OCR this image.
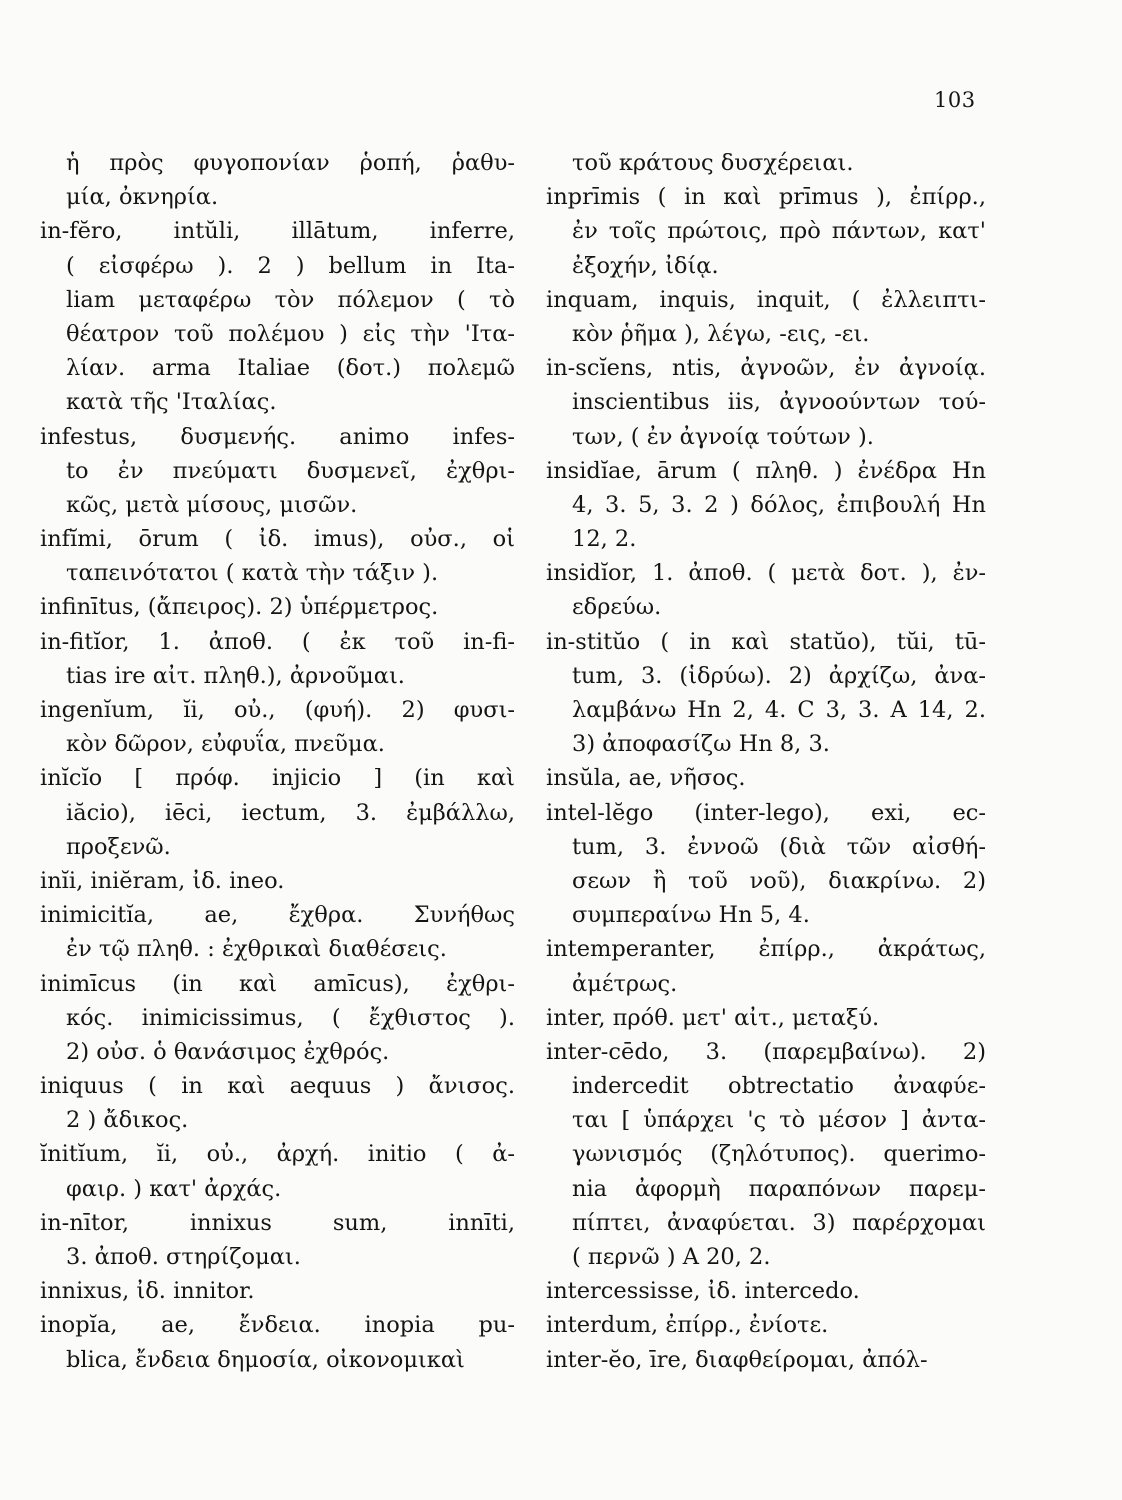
103
ἡ πρὸς φυγοπονίαν ῥοπή, ῥαθυ-
μία, ὀκνηρία.
in-fĕro, intŭli, illātum, inferre,
( εἰσφέρω ). 2 ) bellum in Ita-
liam μεταφέρω τὸν πόλεμον ( τὸ
θέατρον τοῦ πολέμου ) εἰς τὴν 'Ιτα-
λίαν. arma Italiae (δοτ.) πολεμῶ
κατὰ τῆς 'Ιταλίας.
infestus, δυσμενής. animo infes-
to ἐν πνεύματι δυσμενεῖ, ἐχθρι-
κῶς, μετὰ μίσους, μισῶν.
infĭmi, ōrum ( ἰδ. imus), οὐσ., οἱ
ταπεινότατοι ( κατὰ τὴν τάξιν ).
infinītus, (ἄπειρος). 2) ὑπέρμετρος.
in-fitĭor, 1. ἀποθ. ( ἐκ τοῦ in-fi-
tias ire αἰτ. πληθ.), ἀρνοῦμαι.
ingenĭum, ĭi, οὐ., (φυή). 2) φυσι-
κὸν δῶρον, εὐφυΐα, πνεῦμα.
inĭcĭo [ πρόφ. injicio ] (in καὶ
iăcio), iēci, iectum, 3. ἐμβάλλω,
προξενῶ.
inĭi, iniĕram, ἰδ. ineo.
inimicitĭa, ae, ἔχθρα. Συνήθως
ἐν τῷ πληθ. : ἐχθρικαὶ διαθέσεις.
inimīcus (in καὶ amīcus), ἐχθρι-
κός. inimicissimus, ( ἔχθιστος ).
2) οὐσ. ὁ θανάσιμος ἐχθρός.
iniquus ( in καὶ aequus ) ἄνισος.
2 ) ἄδικος.
ĭnitĭum, ĭi, οὐ., ἀρχή. initio ( ἀ-
φαιρ. ) κατ' ἀρχάς.
in-nītor, innixus sum, innīti,
3. ἀποθ. στηρίζομαι.
innixus, ἰδ. innitor.
inopĭa, ae, ἔνδεια. inopia pu-
blica, ἔνδεια δημοσία, οἰκονομικαὶ
τοῦ κράτους δυσχέρειαι.
inprīmis ( in καὶ prīmus ), ἐπίρρ.,
ἐν τοῖς πρώτοις, πρὸ πάντων, κατ'
ἐξοχήν, ἰδίᾳ.
inquam, inquis, inquit, ( ἐλλειπτι-
κὸν ῥῆμα ), λέγω, -εις, -ει.
in-scĭens, ntis, ἀγνοῶν, ἐν ἀγνοίᾳ.
inscientibus iis, ἀγνοούντων τού-
των, ( ἐν ἀγνοίᾳ τούτων ).
insidĭae, ārum ( πληθ. ) ἐνέδρα Hn
4, 3. 5, 3. 2 ) δόλος, ἐπιβουλή Hn
12, 2.
insidĭor, 1. ἀποθ. ( μετὰ δοτ. ), ἐν-
εδρεύω.
in-stitŭo ( in καὶ statŭo), tŭi, tū-
tum, 3. (ἱδρύω). 2) ἀρχίζω, ἀνα-
λαμβάνω Hn 2, 4. C 3, 3. A 14, 2.
3) ἀποφασίζω Hn 8, 3.
insŭla, ae, νῆσος.
intel-lĕgo (inter-lego), exi, ec-
tum, 3. ἐννοῶ (διὰ τῶν αἰσθή-
σεων ἢ τοῦ νοῦ), διακρίνω. 2)
συμπεραίνω Hn 5, 4.
intemperanter, ἐπίρρ., ἀκράτως,
ἀμέτρως.
inter, πρόθ. μετ' αἰτ., μεταξύ.
inter-cēdo, 3. (παρεμβαίνω). 2)
indercedit obtrectatio ἀναφύε-
ται [ ὑπάρχει 'ς τὸ μέσον ] ἀντα-
γωνισμός (ζηλότυπος). querimo-
nia ἀφορμὴ παραπόνων παρεμ-
πίπτει, ἀναφύεται. 3) παρέρχομαι
( περνῶ ) A 20, 2.
intercessisse, ἰδ. intercedo.
interdum, ἐπίρρ., ἐνίοτε.
inter-ĕo, īre, διαφθείρομαι, ἀπόλ-
